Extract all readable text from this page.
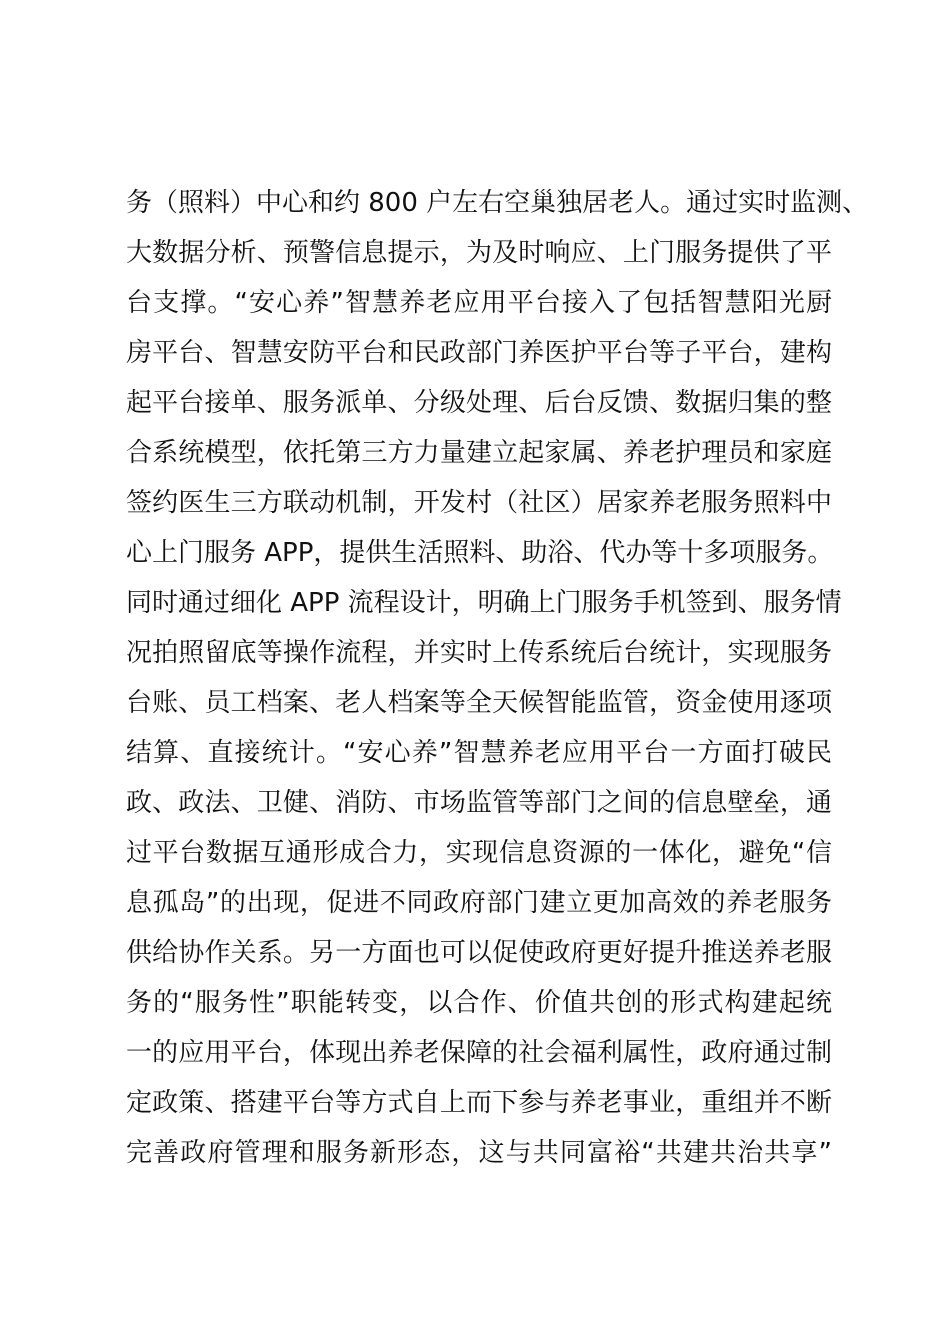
务（照料）中心和约 800 户左右空巢独居老人。通过实时监测、
大数据分析、预警信息提示，为及时响应、上门服务提供了平
台支撑。“安心养”智慧养老应用平台接入了包括智慧阳光厨
房平台、智慧安防平台和民政部门养医护平台等子平台，建构
起平台接单、服务派单、分级处理、后台反馈、数据归集的整
合系统模型，依托第三方力量建立起家属、养老护理员和家庭
签约医生三方联动机制，开发村（社区）居家养老服务照料中
心上门服务 APP，提供生活照料、助浴、代办等十多项服务。
同时通过细化 APP 流程设计，明确上门服务手机签到、服务情
况拍照留底等操作流程，并实时上传系统后台统计，实现服务
台账、员工档案、老人档案等全天候智能监管，资金使用逐项
结算、直接统计。“安心养”智慧养老应用平台一方面打破民
政、政法、卫健、消防、市场监管等部门之间的信息壁垒，通
过平台数据互通形成合力，实现信息资源的一体化，避免“信
息孤岛”的出现，促进不同政府部门建立更加高效的养老服务
供给协作关系。另一方面也可以促使政府更好提升推送养老服
务的“服务性”职能转变，以合作、价值共创的形式构建起统
一的应用平台，体现出养老保障的社会福利属性，政府通过制
定政策、搭建平台等方式自上而下参与养老事业，重组并不断
完善政府管理和服务新形态，这与共同富裕“共建共治共享”
